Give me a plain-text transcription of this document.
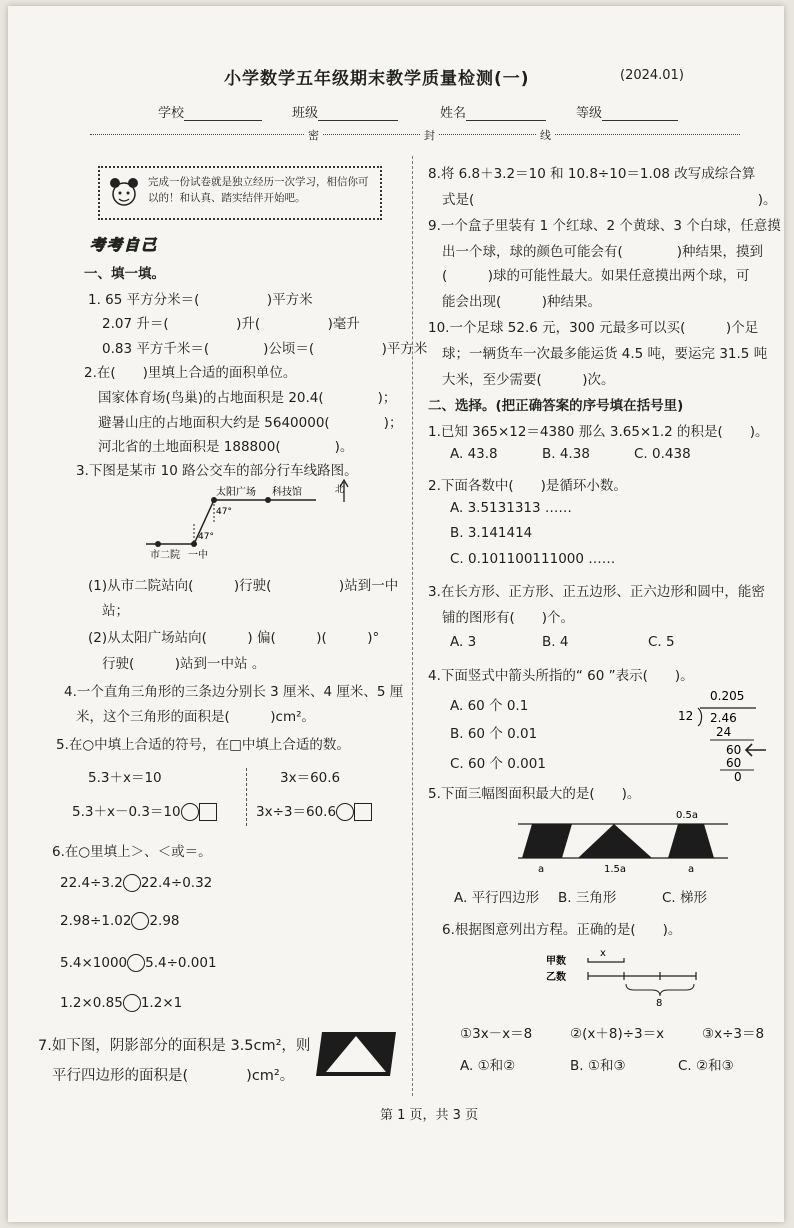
小学数学五年级期末教学质量检测(一)	(2024.01)
学校	班级	姓名	等级
密	封	线
完成一份试卷就是独立经历一次学习，相信你可以的！和认真、踏实结伴开始吧。
考考自己
一、填一填。
1. 65 平方分米＝(　　　　　)平方米
2.07 升＝(　　　　　)升(　　　　　)毫升
0.83 平方千米＝(　　　　)公顷＝(　　　　　)平方米
2.在(　　)里填上合适的面积单位。
国家体育场(鸟巢)的占地面积是 20.4(　　　　)；
避暑山庄的占地面积大约是 5640000(　　　　)；
河北省的土地面积是 188800(　　　　)。
3.下图是某市 10 路公交车的部分行车线路图。
太阳广场 科技馆
47°
47°
市二院 一中
北
(1)从市二院站向(　　　)行驶(　　　　　)站到一中
站；
(2)从太阳广场站向(　　　) 偏(　　　)(　　　)°
行驶(　　　)站到一中站 。
4.一个直角三角形的三条边分别长 3 厘米、4 厘米、5 厘
米，这个三角形的面积是(　　　)cm²。
5.在○中填上合适的符号，在□中填上合适的数。
5.3＋x＝10
5.3＋x－0.3＝10
3x＝60.6
3x÷3＝60.6
6.在○里填上＞、＜或＝。
22.4÷3.2 22.4÷0.32
2.98÷1.02 2.98
5.4×1000 5.4÷0.001
1.2×0.85 1.2×1
7.如下图，阴影部分的面积是 3.5cm²，则
平行四边形的面积是(　　　　)cm²。
8.将 6.8＋3.2＝10 和 10.8÷10＝1.08 改写成综合算
式是(　　　　　　　　　　　　　　　　　　　　　)。
9.一个盒子里装有 1 个红球、2 个黄球、3 个白球，任意摸
出一个球，球的颜色可能会有(　　　　)种结果，摸到
(　　　)球的可能性最大。如果任意摸出两个球，可
能会出现(　　　)种结果。
10.一个足球 52.6 元，300 元最多可以买(　　　)个足
球；一辆货车一次最多能运货 4.5 吨，要运完 31.5 吨
大米，至少需要(　　　)次。
二、选择。(把正确答案的序号填在括号里)
1.已知 365×12＝4380 那么 3.65×1.2 的积是(　　)。
A. 43.8	B. 4.38	C. 0.438
2.下面各数中(　　)是循环小数。
A. 3.5131313 ……
B. 3.141414
C. 0.101100111000 ……
3.在长方形、正方形、正五边形、正六边形和圆中，能密
铺的图形有(　　)个。
A. 3	B. 4	C. 5
4.下面竖式中箭头所指的“ 60 ”表示(　　)。
A. 60 个 0.1
B. 60 个 0.01
C. 60 个 0.001
0.205
12 2.46
24
60
60
0
5.下面三幅图面积最大的是(　　)。
0.5a
a	1.5a	a
A. 平行四边形 B. 三角形	C. 梯形
6.根据图意列出方程。正确的是(　　)。
甲数
乙数
x
8
①3x－x＝8	②(x＋8)÷3＝x	③x÷3＝8
A. ①和②	B. ①和③	C. ②和③
第 1 页，共 3 页
